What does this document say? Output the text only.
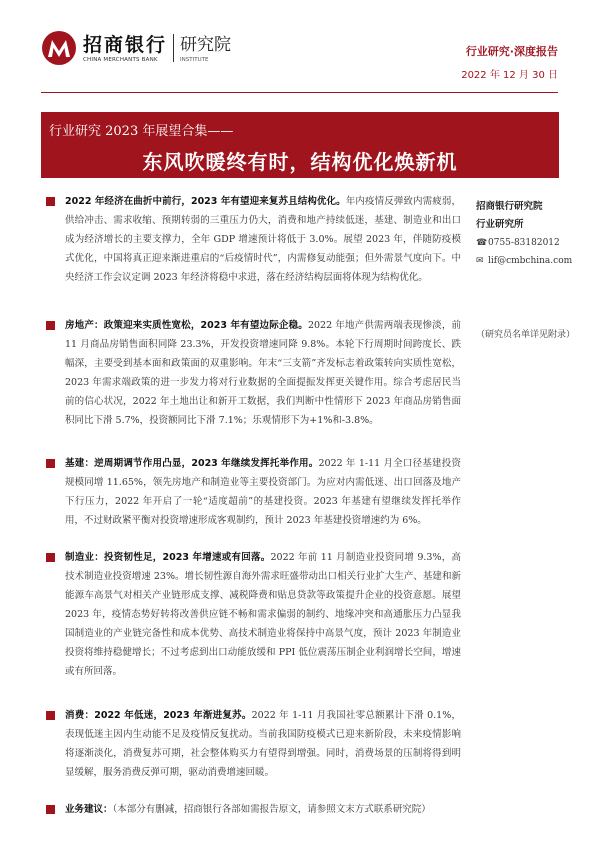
招商银行
CHINA MERCHANTS BANK
研究院
INSTITUTE
行业研究·深度报告
2022 年 12 月 30 日
行业研究 2023 年展望合集——
东风吹暖终有时，结构优化焕新机
2022 年经济在曲折中前行，2023 年有望迎来复苏且结构优化。年内疫情反弹致内需疲弱，供给冲击、需求收缩、预期转弱的三重压力仍大，消费和地产持续低迷，基建、制造业和出口成为经济增长的主要支撑力，全年 GDP 增速预计将低于 3.0%。展望 2023 年，伴随防疫模式优化，中国将真正迎来渐进重启的“后疫情时代”，内需修复动能强；但外需景气度向下。中央经济工作会议定调 2023 年经济将稳中求进，落在经济结构层面将体现为结构优化。
房地产：政策迎来实质性宽松，2023 年有望边际企稳。2022 年地产供需两端表现惨淡，前 11 月商品房销售面积同降 23.3%，开发投资增速同降 9.8%。本轮下行周期时间跨度长、跌幅深，主要受到基本面和政策面的双重影响。年末“三支箭”齐发标志着政策转向实质性宽松，2023 年需求端政策的进一步发力将对行业数据的全面提振发挥更关键作用。综合考虑居民当前的信心状况，2022 年土地出让和新开工数据，我们判断中性情形下 2023 年商品房销售面积同比下滑 5.7%，投资额同比下滑 7.1%；乐观情形下为+1%和-3.8%。
基建：逆周期调节作用凸显，2023 年继续发挥托举作用。2022 年 1-11 月全口径基建投资规模同增 11.65%，领先房地产和制造业等主要投资部门。为应对内需低迷、出口回落及地产下行压力，2022 年开启了一轮“适度超前”的基建投资。2023 年基建有望继续发挥托举作用，不过财政紧平衡对投资增速形成客观制约，预计 2023 年基建投资增速约为 6%。
制造业：投资韧性足，2023 年增速或有回落。2022 年前 11 月制造业投资同增 9.3%，高技术制造业投资增速 23%。增长韧性源自海外需求旺盛带动出口相关行业扩大生产、基建和新能源车高景气对相关产业链形成支撑、减税降费和贴息贷款等政策提升企业的投资意愿。展望 2023 年，疫情态势好转将改善供应链不畅和需求偏弱的制约、地缘冲突和高通胀压力凸显我国制造业的产业链完备性和成本优势、高技术制造业将保持中高景气度，预计 2023 年制造业投资将维持稳健增长；不过考虑到出口动能放缓和 PPI 低位震荡压制企业利润增长空间，增速或有所回落。
消费：2022 年低迷，2023 年渐进复苏。2022 年 1-11 月我国社零总额累计下滑 0.1%，表现低迷主因内生动能不足及疫情反复扰动。当前我国防疫模式已迎来新阶段，未来疫情影响将逐渐淡化，消费复苏可期，社会整体购买力有望得到增强。同时，消费场景的压制将得到明显缓解，服务消费反弹可期，驱动消费增速回暖。
业务建议：（本部分有删减，招商银行各部如需报告原文，请参照文末方式联系研究院）
招商银行研究院
行业研究所
☎ 0755-83182012
✉ lif@cmbchina.com
（研究员名单详见附录）
